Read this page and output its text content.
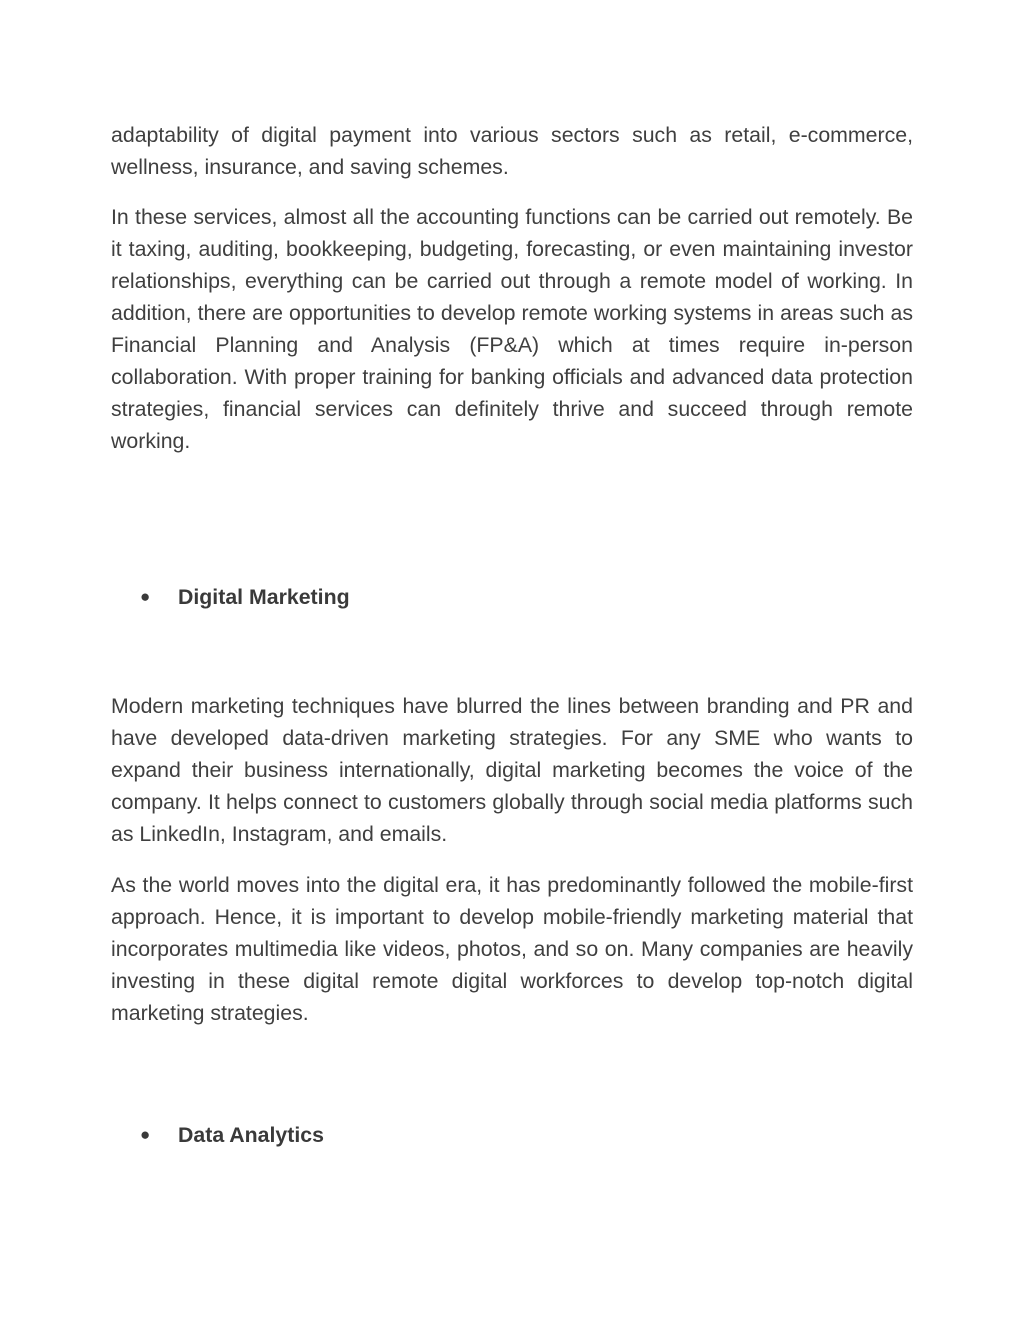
adaptability of digital payment into various sectors such as retail, e-commerce, wellness, insurance, and saving schemes.

In these services, almost all the accounting functions can be carried out remotely. Be it taxing, auditing, bookkeeping, budgeting, forecasting, or even maintaining investor relationships, everything can be carried out through a remote model of working. In addition, there are opportunities to develop remote working systems in areas such as Financial Planning and Analysis (FP&A) which at times require in-person collaboration. With proper training for banking officials and advanced data protection strategies, financial services can definitely thrive and succeed through remote working.

● Digital Marketing

Modern marketing techniques have blurred the lines between branding and PR and have developed data-driven marketing strategies. For any SME who wants to expand their business internationally, digital marketing becomes the voice of the company. It helps connect to customers globally through social media platforms such as LinkedIn, Instagram, and emails.

As the world moves into the digital era, it has predominantly followed the mobile-first approach. Hence, it is important to develop mobile-friendly marketing material that incorporates multimedia like videos, photos, and so on. Many companies are heavily investing in these digital remote digital workforces to develop top-notch digital marketing strategies.

● Data Analytics
